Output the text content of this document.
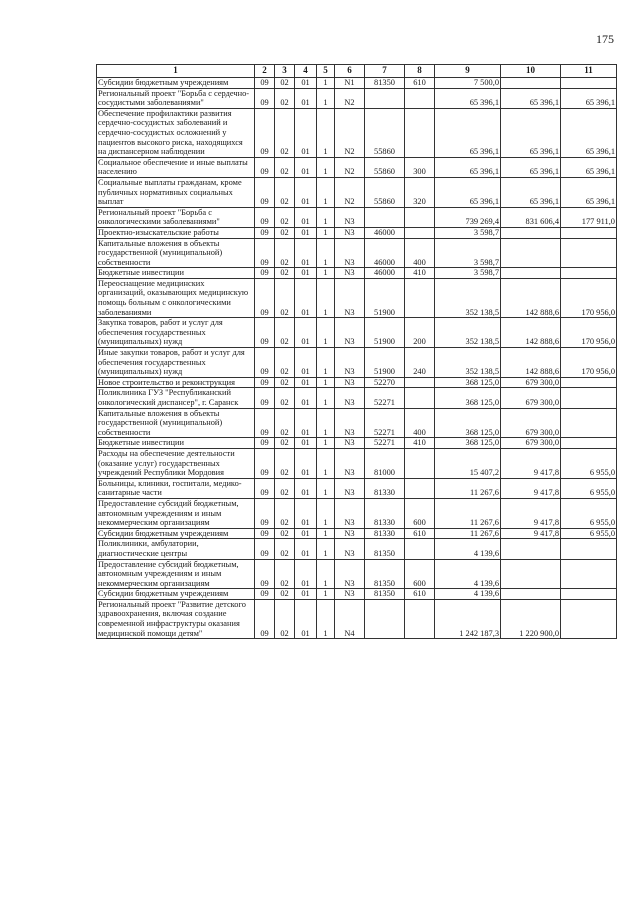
175
1	2	3	4	5	6	7	8	9	10	11
Субсидии бюджетным учреждениям	09	02	01	1	N1	81350	610	7 500,0		
Региональный проект "Борьба с сердечно-сосудистыми заболеваниями"	09	02	01	1	N2			65 396,1	65 396,1	65 396,1
Обеспечение профилактики развития сердечно-сосудистых заболеваний и сердечно-сосудистых осложнений у пациентов высокого риска, находящихся на диспансерном наблюдении	09	02	01	1	N2	55860		65 396,1	65 396,1	65 396,1
Социальное обеспечение и иные выплаты населению	09	02	01	1	N2	55860	300	65 396,1	65 396,1	65 396,1
Социальные выплаты гражданам, кроме публичных нормативных социальных выплат	09	02	01	1	N2	55860	320	65 396,1	65 396,1	65 396,1
Региональный проект "Борьба с онкологическими заболеваниями"	09	02	01	1	N3			739 269,4	831 606,4	177 911,0
Проектно-изыскательские работы	09	02	01	1	N3	46000		3 598,7		
Капитальные вложения в объекты государственной (муниципальной) собственности	09	02	01	1	N3	46000	400	3 598,7		
Бюджетные инвестиции	09	02	01	1	N3	46000	410	3 598,7		
Переоснащение медицинских организаций, оказывающих медицинскую помощь больным с онкологическими заболеваниями	09	02	01	1	N3	51900		352 138,5	142 888,6	170 956,0
Закупка товаров, работ и услуг для обеспечения государственных (муниципальных) нужд	09	02	01	1	N3	51900	200	352 138,5	142 888,6	170 956,0
Иные закупки товаров, работ и услуг для обеспечения государственных (муниципальных) нужд	09	02	01	1	N3	51900	240	352 138,5	142 888,6	170 956,0
Новое строительство и реконструкция	09	02	01	1	N3	52270		368 125,0	679 300,0	
Поликлиника ГУЗ "Республиканский онкологический диспансер", г. Саранск	09	02	01	1	N3	52271		368 125,0	679 300,0	
Капитальные вложения в объекты государственной (муниципальной) собственности	09	02	01	1	N3	52271	400	368 125,0	679 300,0	
Бюджетные инвестиции	09	02	01	1	N3	52271	410	368 125,0	679 300,0	
Расходы на обеспечение деятельности (оказание услуг) государственных учреждений Республики Мордовия	09	02	01	1	N3	81000		15 407,2	9 417,8	6 955,0
Больницы, клиники, госпитали, медико-санитарные части	09	02	01	1	N3	81330		11 267,6	9 417,8	6 955,0
Предоставление субсидий бюджетным, автономным учреждениям и иным некоммерческим организациям	09	02	01	1	N3	81330	600	11 267,6	9 417,8	6 955,0
Субсидии бюджетным учреждениям	09	02	01	1	N3	81330	610	11 267,6	9 417,8	6 955,0
Поликлиники, амбулатории, диагностические центры	09	02	01	1	N3	81350		4 139,6		
Предоставление субсидий бюджетным, автономным учреждениям и иным некоммерческим организациям	09	02	01	1	N3	81350	600	4 139,6		
Субсидии бюджетным учреждениям	09	02	01	1	N3	81350	610	4 139,6		
Региональный проект "Развитие детского здравоохранения, включая создание современной инфраструктуры оказания медицинской помощи детям"	09	02	01	1	N4			1 242 187,3	1 220 900,0	
